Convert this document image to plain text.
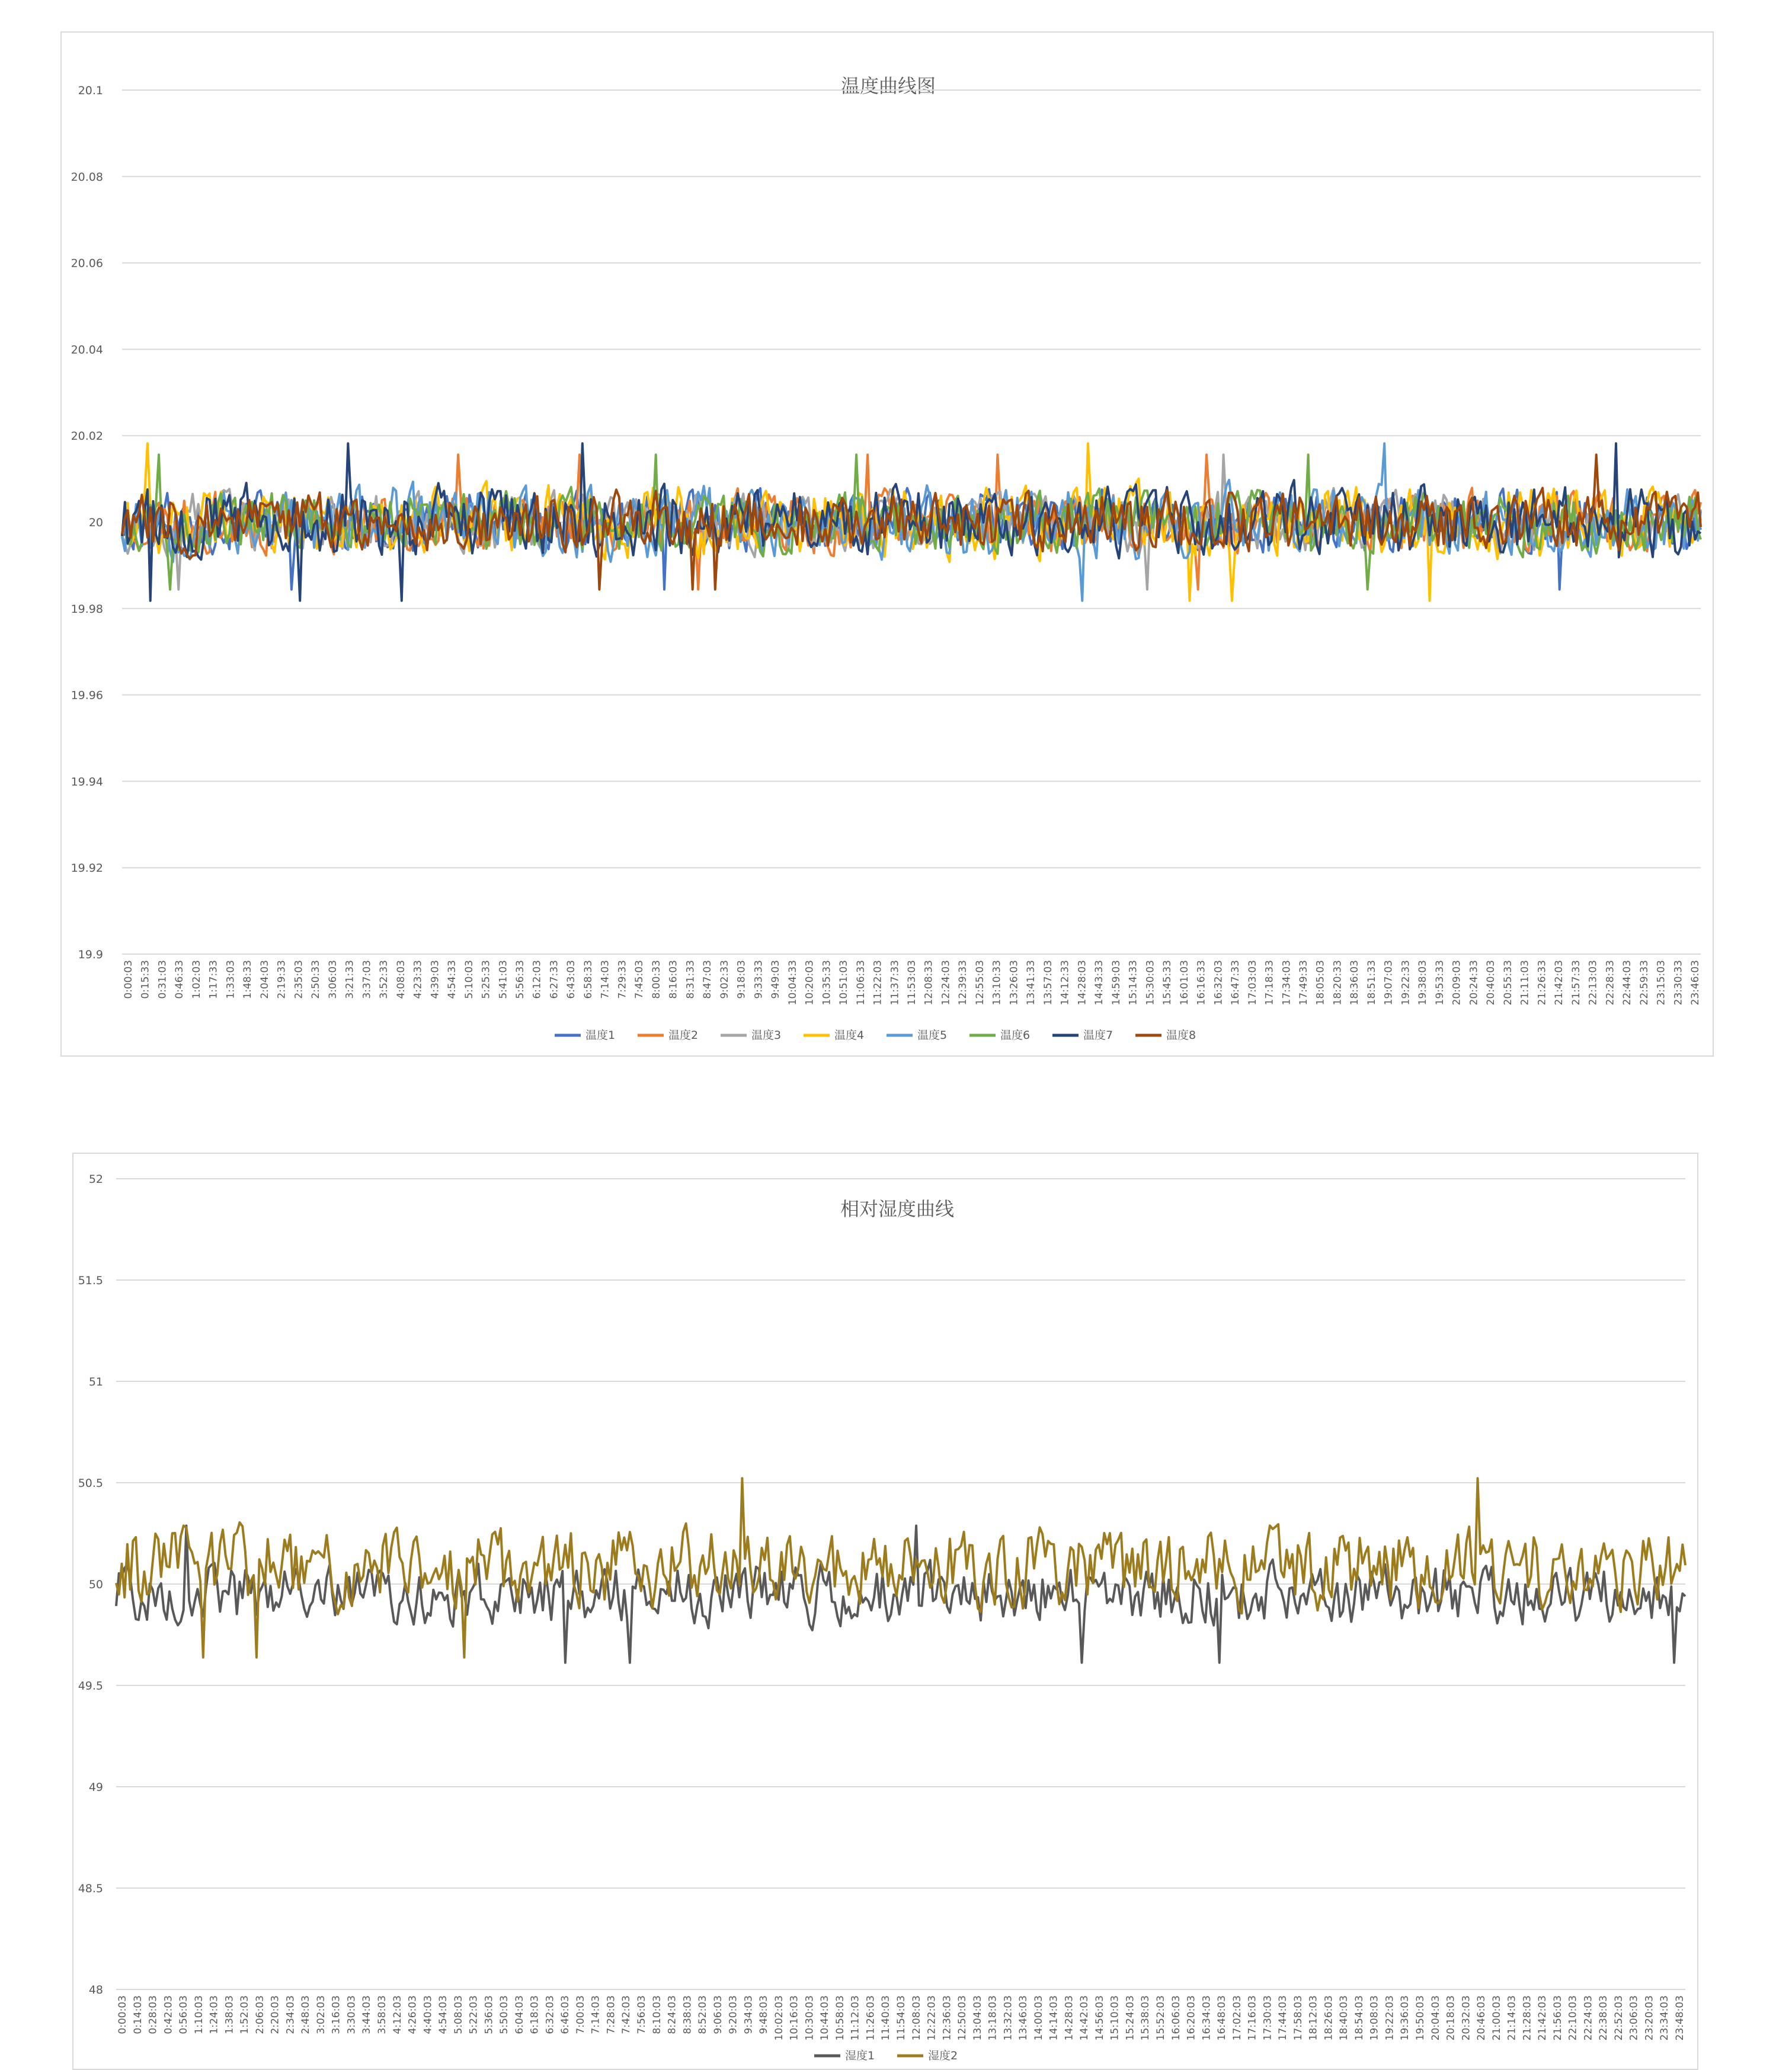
温度曲线图
19.9
19.92
19.94
19.96
19.98
20
20.02
20.04
20.06
20.08
20.1
0:00:03 0:15:33 0:31:03 0:46:33 1:02:03 1:17:33 1:33:03 1:48:33 2:04:03 2:19:33 2:35:03 2:50:33 3:06:03 3:21:33 3:37:03 3:52:33 4:08:03 4:23:33 4:39:03 4:54:33 5:10:03 5:25:33 5:41:03 5:56:33 6:12:03 6:27:33 6:43:03 6:58:33 7:14:03 7:29:33 7:45:03 8:00:33 8:16:03 8:31:33 8:47:03 9:02:33 9:18:03 9:33:33 9:49:03 10:04:33 10:20:03 10:35:33 10:51:03 11:06:33 11:22:03 11:37:33 11:53:03 12:08:33 12:24:03 12:39:33 12:55:03 13:10:33 13:26:03 13:41:33 13:57:03 14:12:33 14:28:03 14:43:33 14:59:03 15:14:33 15:30:03 15:45:33 16:01:03 16:16:33 16:32:03 16:47:33 17:03:03 17:18:33 17:34:03 17:49:33 18:05:03 18:20:33 18:36:03 18:51:33 19:07:03 19:22:33 19:38:03 19:53:33 20:09:03 20:24:33 20:40:03 20:55:33 21:11:03 21:26:33 21:42:03 21:57:33 22:13:03 22:28:33 22:44:03 22:59:33 23:15:03 23:30:33 23:46:03
温度1	温度2	温度3	温度4	温度5	温度6	温度7	温度8
相对湿度曲线
48
48.5
49
49.5
50
50.5
51
51.5
52
0:00:03 0:14:03 0:28:03 0:42:03 0:56:03 1:10:03 1:24:03 1:38:03 1:52:03 2:06:03 2:20:03 2:34:03 2:48:03 3:02:03 3:16:03 3:30:03 3:44:03 3:58:03 4:12:03 4:26:03 4:40:03 4:54:03 5:08:03 5:22:03 5:36:03 5:50:03 6:04:03 6:18:03 6:32:03 6:46:03 7:00:03 7:14:03 7:28:03 7:42:03 7:56:03 8:10:03 8:24:03 8:38:03 8:52:03 9:06:03 9:20:03 9:34:03 9:48:03 10:02:03 10:16:03 10:30:03 10:44:03 10:58:03 11:12:03 11:26:03 11:40:03 11:54:03 12:08:03 12:22:03 12:36:03 12:50:03 13:04:03 13:18:03 13:32:03 13:46:03 14:00:03 14:14:03 14:28:03 14:42:03 14:56:03 15:10:03 15:24:03 15:38:03 15:52:03 16:06:03 16:20:03 16:34:03 16:48:03 17:02:03 17:16:03 17:30:03 17:44:03 17:58:03 18:12:03 18:26:03 18:40:03 18:54:03 19:08:03 19:22:03 19:36:03 19:50:03 20:04:03 20:18:03 20:32:03 20:46:03 21:00:03 21:14:03 21:28:03 21:42:03 21:56:03 22:10:03 22:24:03 22:38:03 22:52:03 23:06:03 23:20:03 23:34:03 23:48:03
湿度1	湿度2
